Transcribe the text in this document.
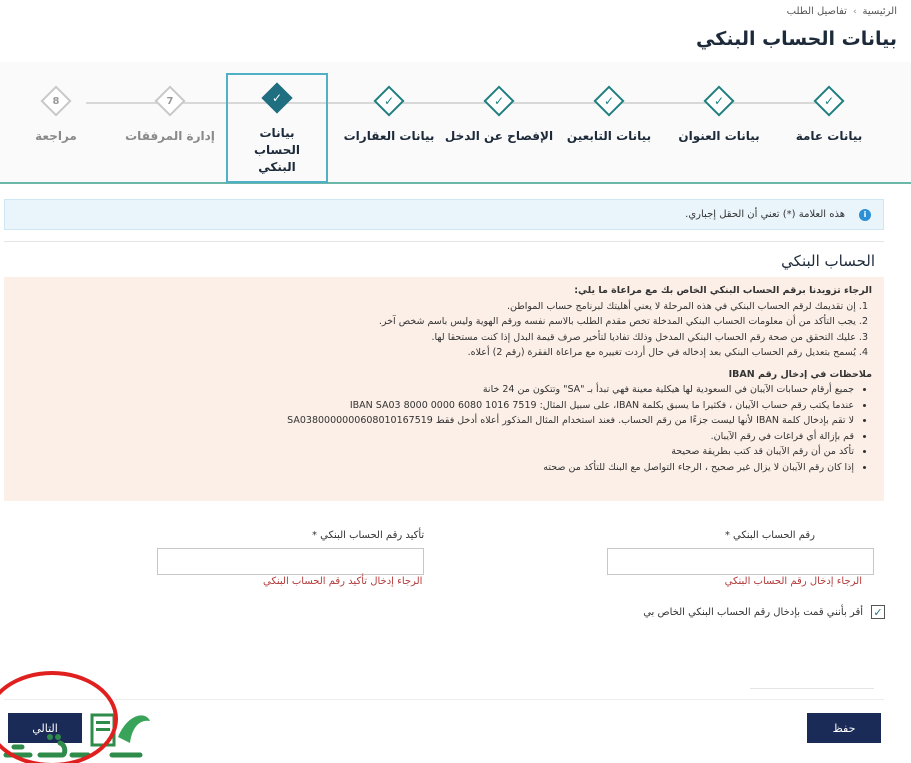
الرئيسية
›
تفاصيل الطلب
بيانات الحساب البنكي
✓
بيانات عامة
✓
بيانات العنوان
✓
بيانات التابعين
✓
الإفصاح عن الدخل
✓
بيانات العقارات
✓
بيانات الحساب البنكي
7
إدارة المرفقات
8
مراجعة
i
هذه العلامة (*) تعني أن الحقل إجباري.
الحساب البنكي
الرجاء تزويدنا برقم الحساب البنكي الخاص بك مع مراعاة ما يلي:
1. إن تقديمك لرقم الحساب البنكي في هذه المرحلة لا يعني أهليتك لبرنامج حساب المواطن.
2. يجب التأكد من أن معلومات الحساب البنكي المدخلة تخص مقدم الطلب بالاسم نفسه ورقم الهوية وليس باسم شخص آخر.
3. عليك التحقق من صحة رقم الحساب البنكي المدخل وذلك تفاديا لتأخير صرف قيمة البدل إذا كنت مستحقا لها.
4. يُسمح بتعديل رقم الحساب البنكي بعد إدخاله في حال أردت تغييره مع مراعاة الفقرة (رقم 2) أعلاه.
ملاحظات في إدخال رقم IBAN
• جميع أرقام حسابات الآيبان في السعودية لها هيكلية معينة فهي تبدأ بـ "SA" وتتكون من 24 خانة
• عندما يكتب رقم حساب الآيبان ، فكثيرا ما يسبق بكلمة IBAN، على سبيل المثال: IBAN SA03 8000 0000 6080 1016 7519
• لا تقم بإدخال كلمة IBAN لأنها ليست جزءًا من رقم الحساب. فعند استخدام المثال المذكور أعلاه أدخل فقط SA0380000000608010167519
• قم بإزالة أي فراغات في رقم الآيبان.
• تأكد من أن رقم الآيبان قد كتب بطريقة صحيحة
• إذا كان رقم الآيبان لا يزال غير صحيح ، الرجاء التواصل مع البنك للتأكد من صحته
رقم الحساب البنكي *
الرجاء إدخال رقم الحساب البنكي
تأكيد رقم الحساب البنكي *
الرجاء إدخال تأكيد رقم الحساب البنكي
✓
أقر بأنني قمت بإدخال رقم الحساب البنكي الخاص بي
حفظ
التالي
